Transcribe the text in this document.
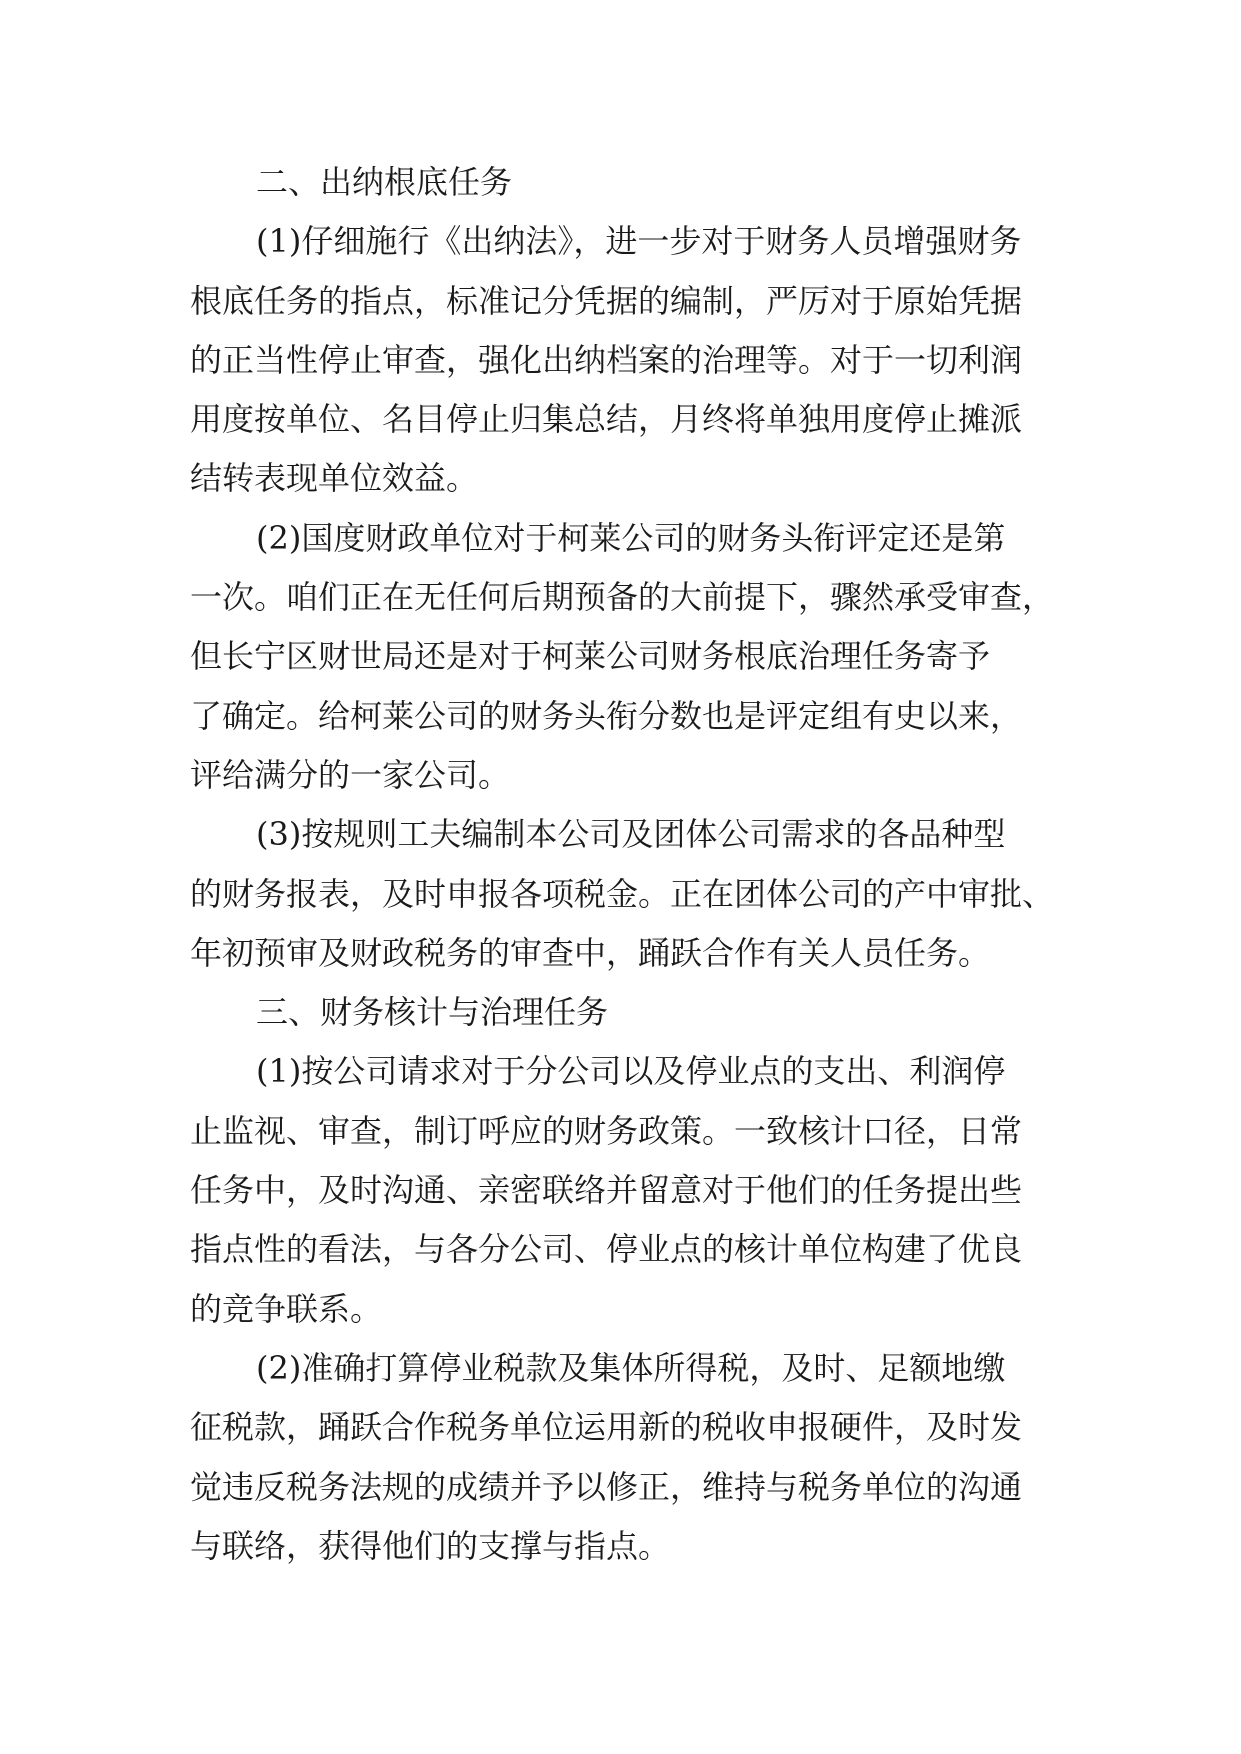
二、出纳根底任务
(1)仔细施行《出纳法》，进一步对于财务人员增强财务
根底任务的指点，标准记分凭据的编制，严厉对于原始凭据
的正当性停止审查，强化出纳档案的治理等。对于一切利润
用度按单位、名目停止归集总结，月终将单独用度停止摊派
结转表现单位效益。
(2)国度财政单位对于柯莱公司的财务头衔评定还是第
一次。咱们正在无任何后期预备的大前提下，骤然承受审查，
但长宁区财世局还是对于柯莱公司财务根底治理任务寄予
了确定。给柯莱公司的财务头衔分数也是评定组有史以来，
评给满分的一家公司。
(3)按规则工夫编制本公司及团体公司需求的各品种型
的财务报表，及时申报各项税金。正在团体公司的产中审批、
年初预审及财政税务的审查中，踊跃合作有关人员任务。
三、财务核计与治理任务
(1)按公司请求对于分公司以及停业点的支出、利润停
止监视、审查，制订呼应的财务政策。一致核计口径，日常
任务中，及时沟通、亲密联络并留意对于他们的任务提出些
指点性的看法，与各分公司、停业点的核计单位构建了优良
的竞争联系。
(2)准确打算停业税款及集体所得税，及时、足额地缴
征税款，踊跃合作税务单位运用新的税收申报硬件，及时发
觉违反税务法规的成绩并予以修正，维持与税务单位的沟通
与联络，获得他们的支撑与指点。
